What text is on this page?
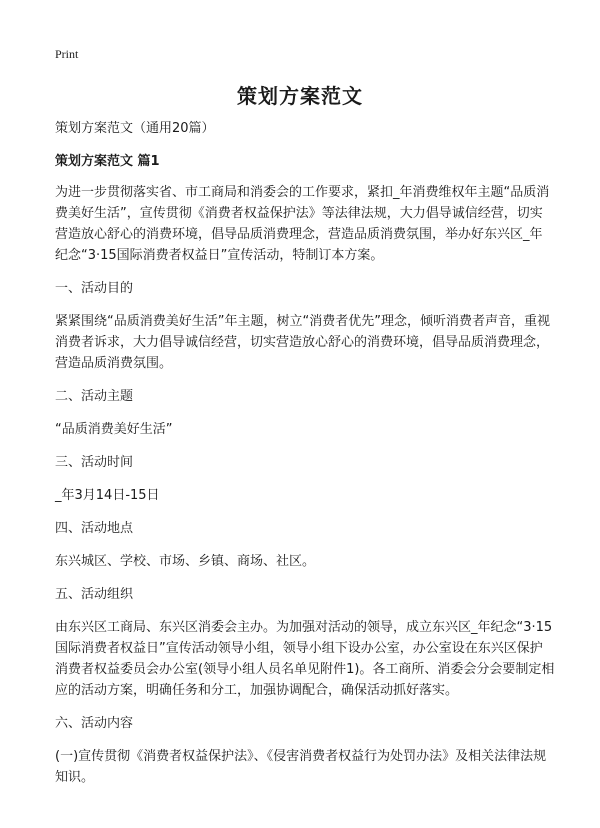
Print
策划方案范文

策划方案范文（通用20篇）

策划方案范文 篇1

为进一步贯彻落实省、市工商局和消委会的工作要求，紧扣_年消费维权年主题“品质消费美好生活”，宣传贯彻《消费者权益保护法》等法律法规，大力倡导诚信经营，切实营造放心舒心的消费环境，倡导品质消费理念，营造品质消费氛围，举办好东兴区_年纪念“3·15国际消费者权益日”宣传活动，特制订本方案。

一、活动目的

紧紧围绕“品质消费美好生活”年主题，树立“消费者优先”理念，倾听消费者声音，重视消费者诉求，大力倡导诚信经营，切实营造放心舒心的消费环境，倡导品质消费理念，营造品质消费氛围。

二、活动主题

“品质消费美好生活”

三、活动时间

_年3月14日-15日

四、活动地点

东兴城区、学校、市场、乡镇、商场、社区。

五、活动组织

由东兴区工商局、东兴区消委会主办。为加强对活动的领导，成立东兴区_年纪念“3·15国际消费者权益日”宣传活动领导小组，领导小组下设办公室，办公室设在东兴区保护消费者权益委员会办公室(领导小组人员名单见附件1)。各工商所、消委会分会要制定相应的活动方案，明确任务和分工，加强协调配合，确保活动抓好落实。

六、活动内容

(一)宣传贯彻《消费者权益保护法》、《侵害消费者权益行为处罚办法》及相关法律法规知识。
